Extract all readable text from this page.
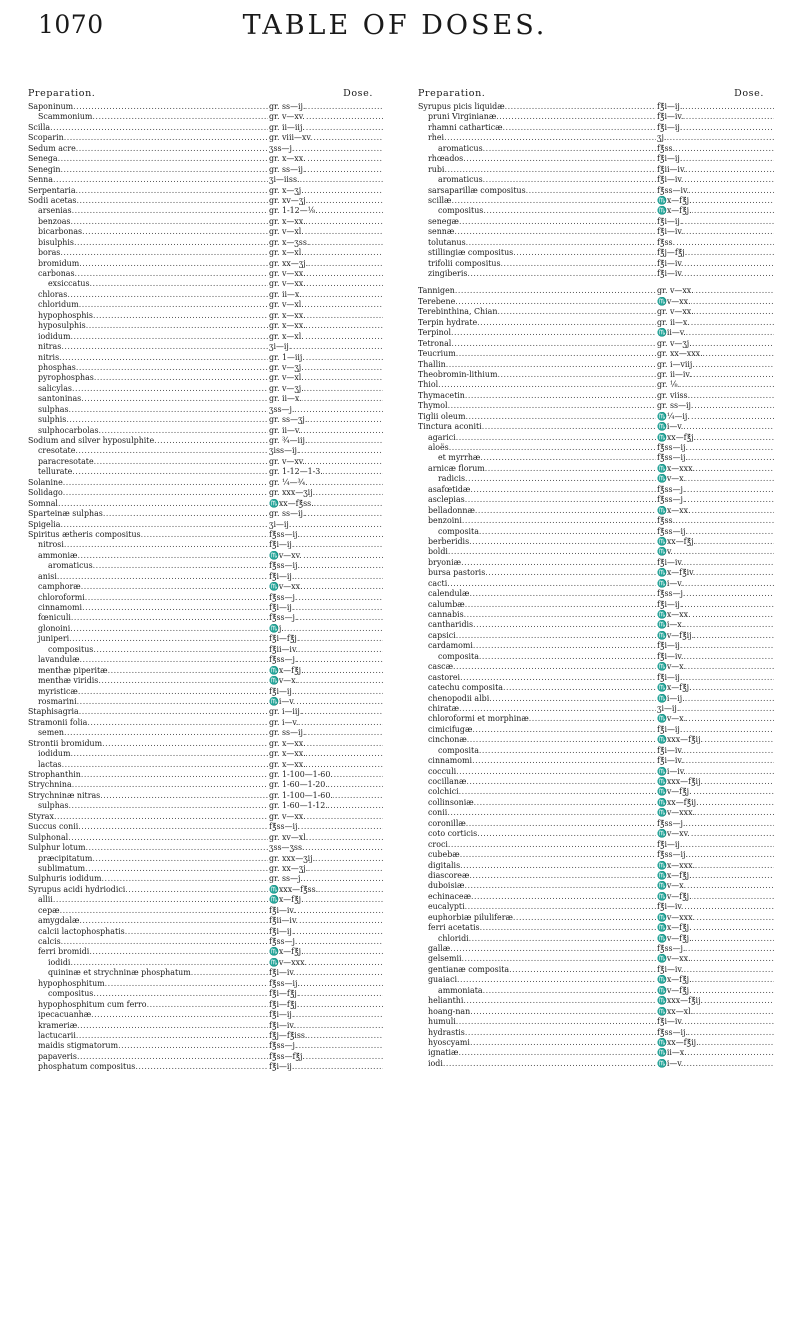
1070	TABLE OF DOSES.
Preparation.	Dose.
Saponinum .....	gr. ss—ij.
Scammonium .....	gr. v—xv.
Scilla .....	gr. ii—iij.
Scoparin .....	gr. viii—xv.
Sedum acre .....	ʒss—j.
Senega .....	gr. x—xx.
Senegin .....	gr. ss—ij.
Senna .....	ʒi—iiss.
Serpentaria .....	gr. x—ʒj.
Sodii acetas .....	gr. xv—ʒj.
arsenias .....	gr. 1-12—⅛.
benzoas .....	gr. x—xx.
bicarbonas .....	gr. v—xl.
bisulphis .....	gr. x—ʒss.
boras .....	gr. x—xl.
bromidum .....	gr. xx—ʒj.
carbonas .....	gr. v—xx.
exsiccatus .....	gr. v—xx.
chloras .....	gr. ii—x.
chloridum .....	gr. v—xl.
hypophosphis .....	gr. x—xx.
hyposulphis .....	gr. x—xx.
iodidum .....	gr. x—xl.
nitras .....	ʒi—ij.
nitris .....	gr. 1—iij.
phosphas .....	gr. v—ʒj.
pyrophosphas .....	gr. v—xl.
salicylas .....	gr. v—ʒj.
santoninas .....	gr. ii—x.
sulphas .....	ʒss—j.
sulphis .....	gr. ss—ʒj.
sulphocarbolas .....	gr. ii—v.
Sodium and silver hyposulphite .....	gr. ¾—iij.
cresotate .....	ʒiss—ij.
paracresotate .....	gr. v—xv.
tellurate .....	gr. 1-12—1-3.
Solanine .....	gr. ¼—¾.
Solidago .....	gr. xxx—ʒij.
Somnal .....	♏xx—f℥ss.
Sparteinæ sulphas .....	gr. ss—ij.
Spigelia .....	ʒi—ij.
Spiritus ætheris compositus .....	f℥ss—ij.
nitrosi .....	f℥i—ij.
ammoniæ .....	♏v—xv.
aromaticus .....	f℥ss—ij.
anisi .....	f℥i—ij.
camphoræ .....	♏v—xx.
chloroformi .....	f℥ss—j.
cinnamomi .....	f℥i—ij.
fœniculi .....	f℥ss—j.
glonoini .....	♏j.
juniperi .....	f℥i—f℥j.
compositus .....	f℥ii—iv.
lavandulæ .....	f℥ss—j.
menthæ piperitæ .....	♏x—f℥j.
menthæ viridis .....	♏v—x.
myristicæ .....	f℥i—ij.
rosmarini .....	♏i—v.
Staphisagria .....	gr. i—iij.
Stramonii folia .....	gr. i—v.
semen .....	gr. ss—ij.
Strontii bromidum .....	gr. x—xx.
iodidum .....	gr. x—xx.
lactas .....	gr. x—xx.
Strophanthin .....	gr. 1-100—1-60.
Strychnina .....	gr. 1-60—1-20.
Strychninæ nitras .....	gr. 1-100—1-60.
sulphas .....	gr. 1-60—1-12.
Styrax .....	gr. v—xx.
Succus conii .....	f℥ss—ij.
Sulphonal .....	gr. xv—xl.
Sulphur lotum .....	ʒss—ʒss.
præcipitatum .....	gr. xxx—ʒij.
sublimatum .....	gr. xx—ʒj.
Sulphuris iodidum .....	gr. ss—j.
Syrupus acidi hydriodici .....	♏xxx—f℥ss.
allii .....	♏x—f℥j.
cepæ .....	f℥i—iv.
amygdalæ .....	f℥ii—iv.
calcii lactophosphatis .....	f℥i—ij.
calcis .....	f℥ss—j.
ferri bromidi .....	♏x—f℥j.
iodidi .....	♏v—xxx.
quininæ et strychninæ phosphatum .....	f℥i—iv.
hypophosphitum .....	f℥ss—ij.
compositus .....	f℥i—f℥j.
hypophosphitum cum ferro .....	f℥i—f℥j.
ipecacuanhæ .....	f℥i—ij.
krameriæ .....	f℥i—iv.
lactucarii .....	f℥j—f℥iss.
maidis stigmatorum .....	f℥ss—j.
papaveris .....	f℥ss—f℥j.
phosphatum compositus .....	f℥i—ij.
Preparation.	Dose.
Syrupus picis liquidæ .....	f℥i—ij.
pruni Virginianæ .....	f℥i—iv.
rhamni catharticæ .....	f℥i—ij.
rhei .....	ʒj.
aromaticus .....	f℥ss.
rhœados .....	f℥i—ij.
rubi .....	f℥ii—iv.
aromaticus .....	f℥i—iv.
sarsaparillæ compositus .....	f℥ss—iv.
scillæ .....	♏x—f℥j.
compositus .....	♏x—f℥j.
senegæ .....	f℥i—ij.
sennæ .....	f℥i—iv.
tolutanus .....	f℥ss.
stillingiæ compositus .....	f℥j—f℥j.
trifolii compositus .....	f℥i—iv.
zingiberis .....	f℥i—iv.
Tannigen .....	gr. v—xx.
Terebene .....	♏v—xx.
Terebinthina, Chian .....	gr. v—xx.
Terpin hydrate .....	gr. ii—x.
Terpinol .....	♏ii—v.
Tetronal .....	gr. v—ʒj.
Teucrium .....	gr. xx—xxx.
Thallin .....	gr. i—viij.
Theobromin-lithium .....	gr. ii—iv.
Thiol .....	gr. ⅛.
Thymacetin .....	gr. viiss.
Thymol .....	gr. ss—ij.
Tiglii oleum .....	♏¼—ij.
Tinctura aconiti .....	♏i—v.
agarici .....	♏xx—f℥j.
aloës .....	f℥ss—ij.
et myrrhæ .....	f℥ss—ij.
arnicæ florum .....	♏x—xxx.
radicis .....	♏v—x.
asafœtidæ .....	f℥ss—j.
asclepias .....	f℥ss—j.
belladonnæ .....	♏x—xx.
benzoini .....	f℥ss.
composita .....	f℥ss—ij.
berberidis .....	♏xx—f℥j.
boldi .....	♏v.
bryoniæ .....	f℥i—iv.
bursa pastoris .....	♏x—f℥iv.
cacti .....	♏i—v.
calendulæ .....	f℥ss—j.
calumbæ .....	f℥i—ij.
cannabis .....	♏x—xx.
cantharidis .....	♏i—x.
capsici .....	♏v—f℥ij.
cardamomi .....	f℥i—ij.
composita .....	f℥i—iv.
cascæ .....	♏v—x.
castorei .....	f℥i—ij.
catechu composita .....	♏x—f℥j.
chenopodii albi .....	♏i—ij.
chiratæ .....	ʒi—ij.
chloroformi et morphinæ .....	♏v—x.
cimicifugæ .....	f℥i—ij.
cinchonæ .....	♏xxx—f℥ij.
composita .....	f℥i—iv.
cinnamomi .....	f℥i—iv.
cocculi .....	♏i—iv.
cocillanæ .....	♏xxx—f℥ij.
colchici .....	♏v—f℥j.
collinsoniæ .....	♏xx—f℥ij.
conii .....	♏v—xxx.
coronillæ .....	f℥ss—j.
coto corticis .....	♏v—xv.
croci .....	f℥i—ij.
cubebæ .....	f℥ss—ij.
digitalis .....	♏x—xxx.
diascoreæ .....	♏x—f℥j.
duboisiæ .....	♏v—x.
echinaceæ .....	♏v—f℥j.
eucalypti .....	f℥i—iv.
euphorbiæ piluliferæ .....	♏v—xxx.
ferri acetatis .....	♏x—f℥j.
chloridi .....	♏v—f℥j.
gallæ .....	f℥ss—j.
gelsemii .....	♏v—xx.
gentianæ composita .....	f℥i—iv.
guaiaci .....	♏x—f℥j.
ammoniata .....	♏v—f℥j.
helianthi .....	♏xxx—f℥ij.
hoang-nan .....	♏xx—xl.
humuli .....	f℥i—iv.
hydrastis .....	f℥ss—ij.
hyoscyami .....	♏xx—f℥ij.
ignatiæ .....	♏ii—x.
iodi .....	♏i—v.
